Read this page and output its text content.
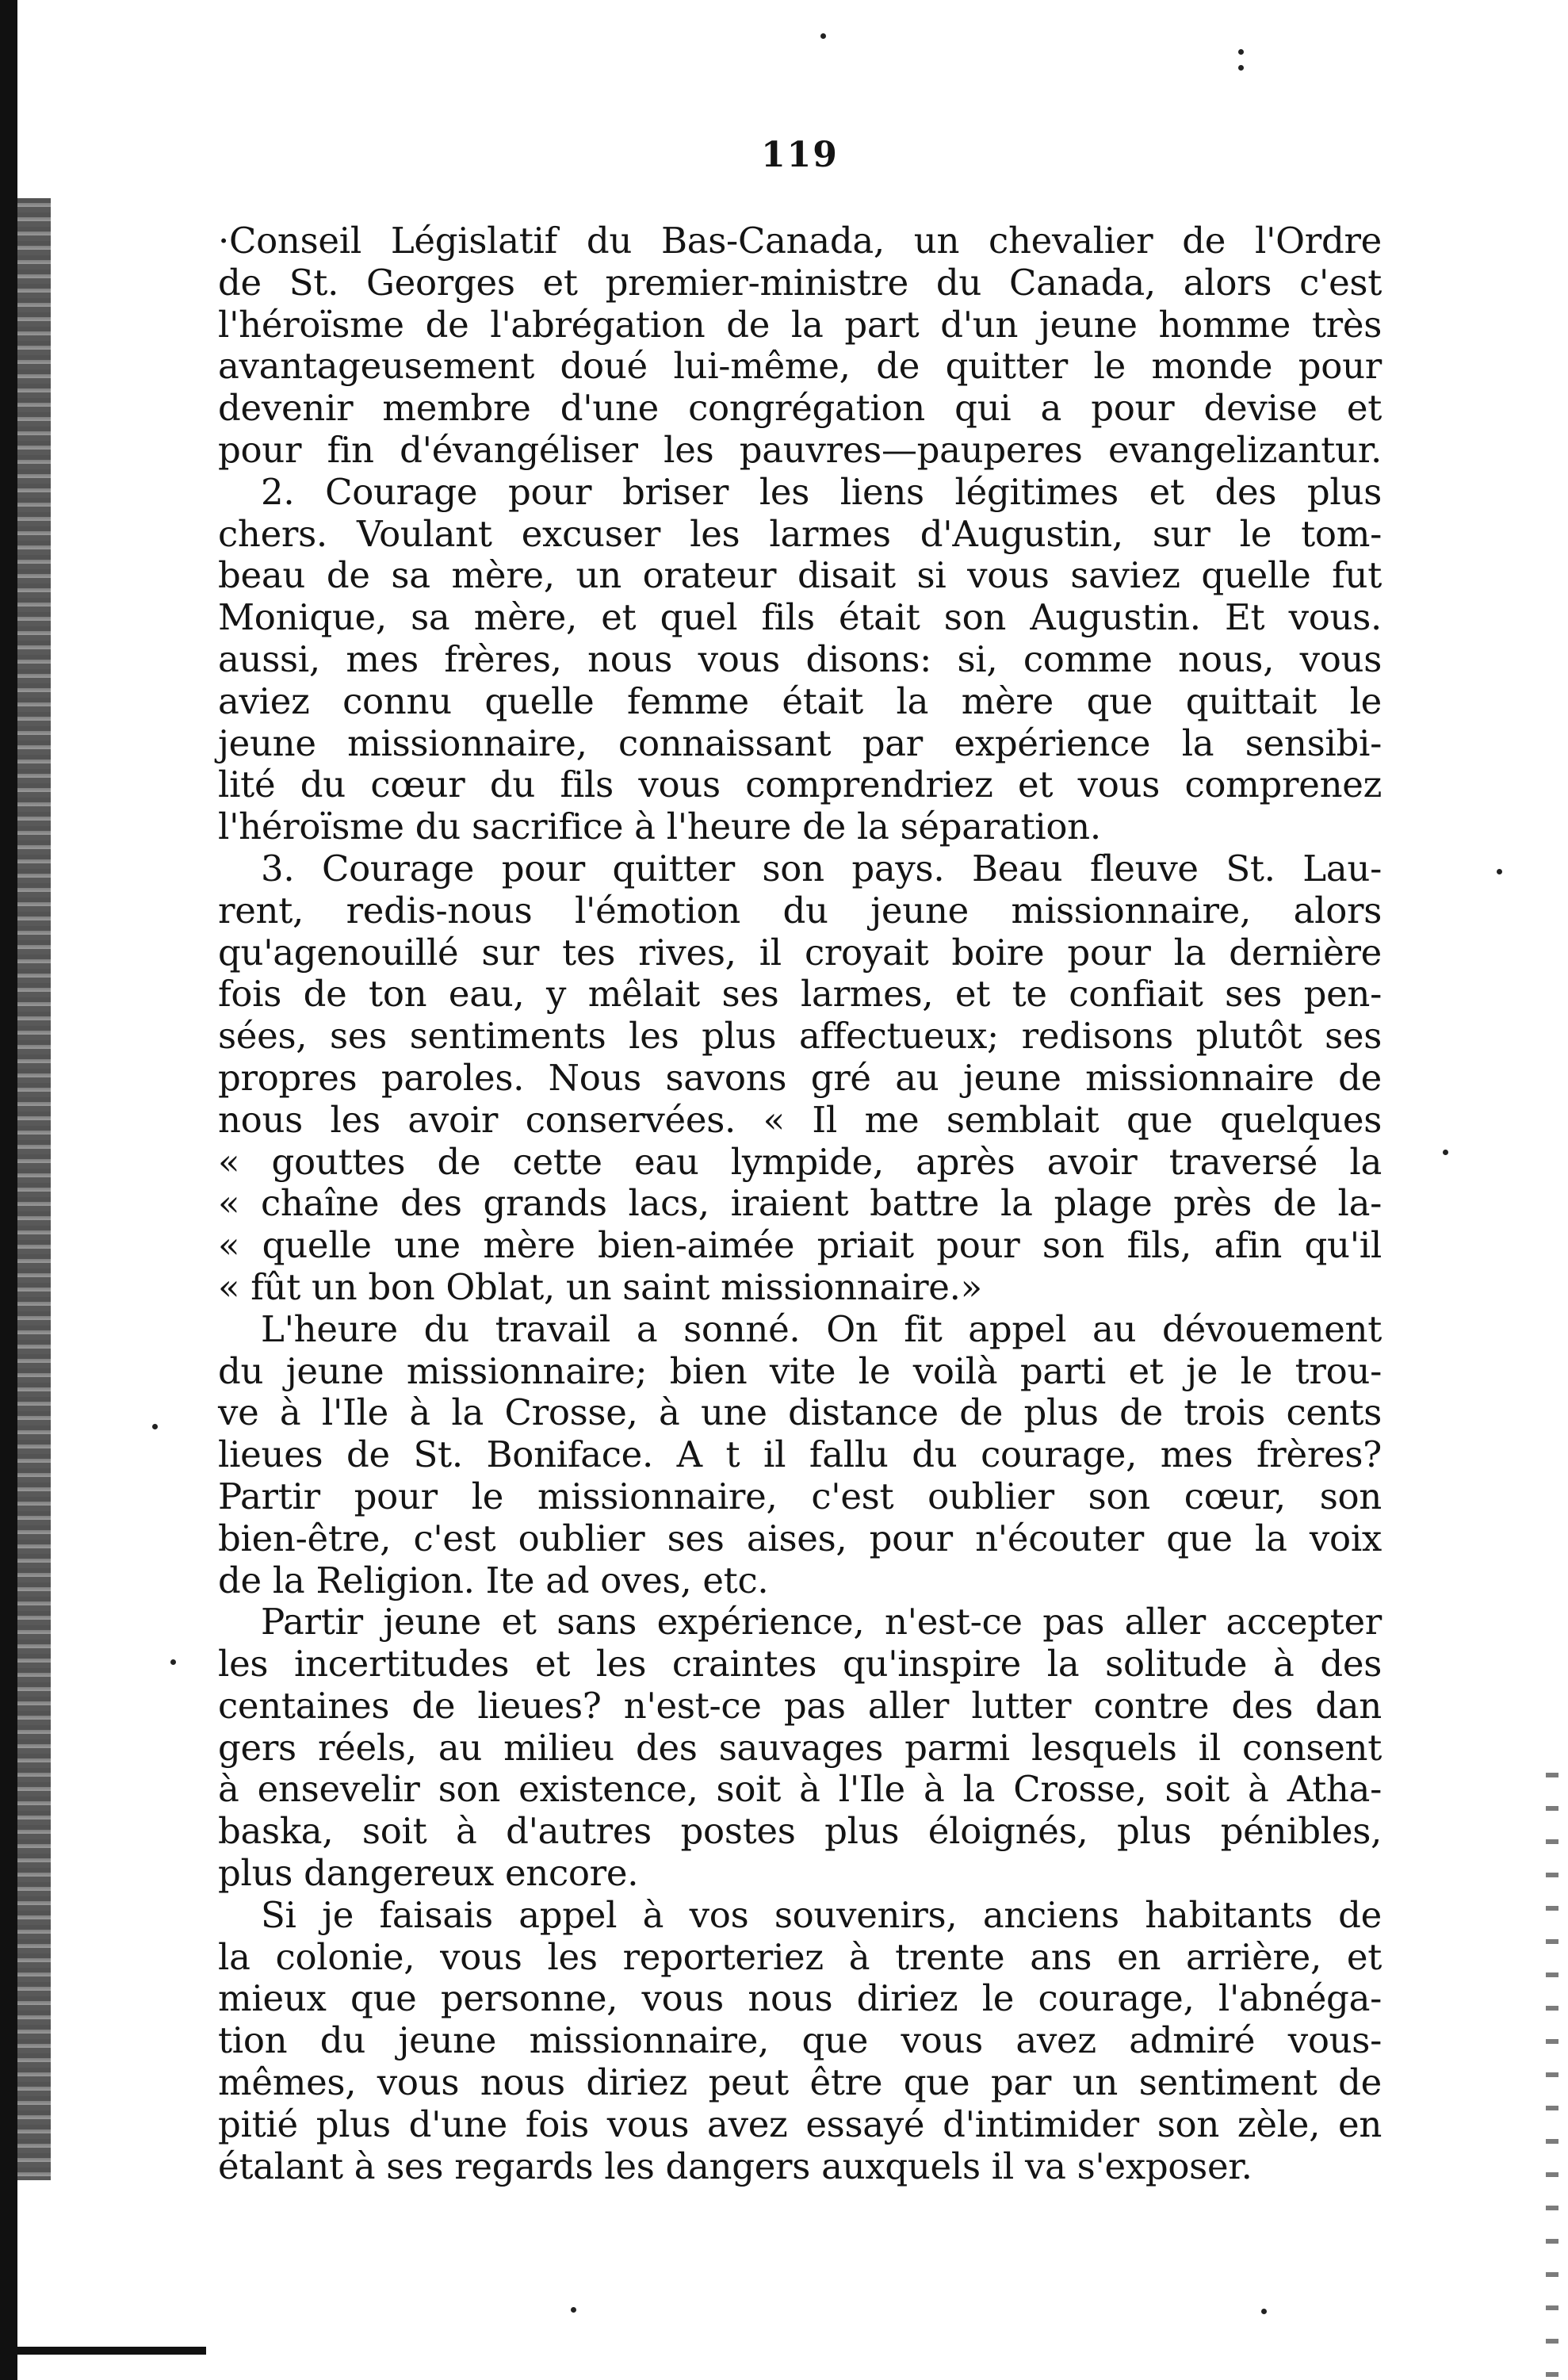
119
·Conseil Législatif du Bas-Canada, un chevalier de l'Ordre
de St. Georges et premier-ministre du Canada, alors c'est
l'héroïsme de l'abrégation de la part d'un jeune homme très
avantageusement doué lui-même, de quitter le monde pour
devenir membre d'une congrégation qui a pour devise et
pour fin d'évangéliser les pauvres—pauperes evangelizantur.
2. Courage pour briser les liens légitimes et des plus
chers. Voulant excuser les larmes d'Augustin, sur le tom-
beau de sa mère, un orateur disait si vous saviez quelle fut
Monique, sa mère, et quel fils était son Augustin. Et vous.
aussi, mes frères, nous vous disons: si, comme nous, vous
aviez connu quelle femme était la mère que quittait le
jeune missionnaire, connaissant par expérience la sensibi-
lité du cœur du fils vous comprendriez et vous comprenez
l'héroïsme du sacrifice à l'heure de la séparation.
3. Courage pour quitter son pays. Beau fleuve St. Lau-
rent, redis-nous l'émotion du jeune missionnaire, alors
qu'agenouillé sur tes rives, il croyait boire pour la dernière
fois de ton eau, y mêlait ses larmes, et te confiait ses pen-
sées, ses sentiments les plus affectueux; redisons plutôt ses
propres paroles. Nous savons gré au jeune missionnaire de
nous les avoir conservées. « Il me semblait que quelques
« gouttes de cette eau lympide, après avoir traversé la
« chaîne des grands lacs, iraient battre la plage près de la-
« quelle une mère bien-aimée priait pour son fils, afin qu'il
« fût un bon Oblat, un saint missionnaire.»
L'heure du travail a sonné. On fit appel au dévouement
du jeune missionnaire; bien vite le voilà parti et je le trou-
ve à l'Ile à la Crosse, à une distance de plus de trois cents
lieues de St. Boniface. A t il fallu du courage, mes frères?
Partir pour le missionnaire, c'est oublier son cœur, son
bien-être, c'est oublier ses aises, pour n'écouter que la voix
de la Religion. Ite ad oves, etc.
Partir jeune et sans expérience, n'est-ce pas aller accepter
les incertitudes et les craintes qu'inspire la solitude à des
centaines de lieues? n'est-ce pas aller lutter contre des dan
gers réels, au milieu des sauvages parmi lesquels il consent
à ensevelir son existence, soit à l'Ile à la Crosse, soit à Atha-
baska, soit à d'autres postes plus éloignés, plus pénibles,
plus dangereux encore.
Si je faisais appel à vos souvenirs, anciens habitants de
la colonie, vous les reporteriez à trente ans en arrière, et
mieux que personne, vous nous diriez le courage, l'abnéga-
tion du jeune missionnaire, que vous avez admiré vous-
mêmes, vous nous diriez peut être que par un sentiment de
pitié plus d'une fois vous avez essayé d'intimider son zèle, en
étalant à ses regards les dangers auxquels il va s'exposer.
